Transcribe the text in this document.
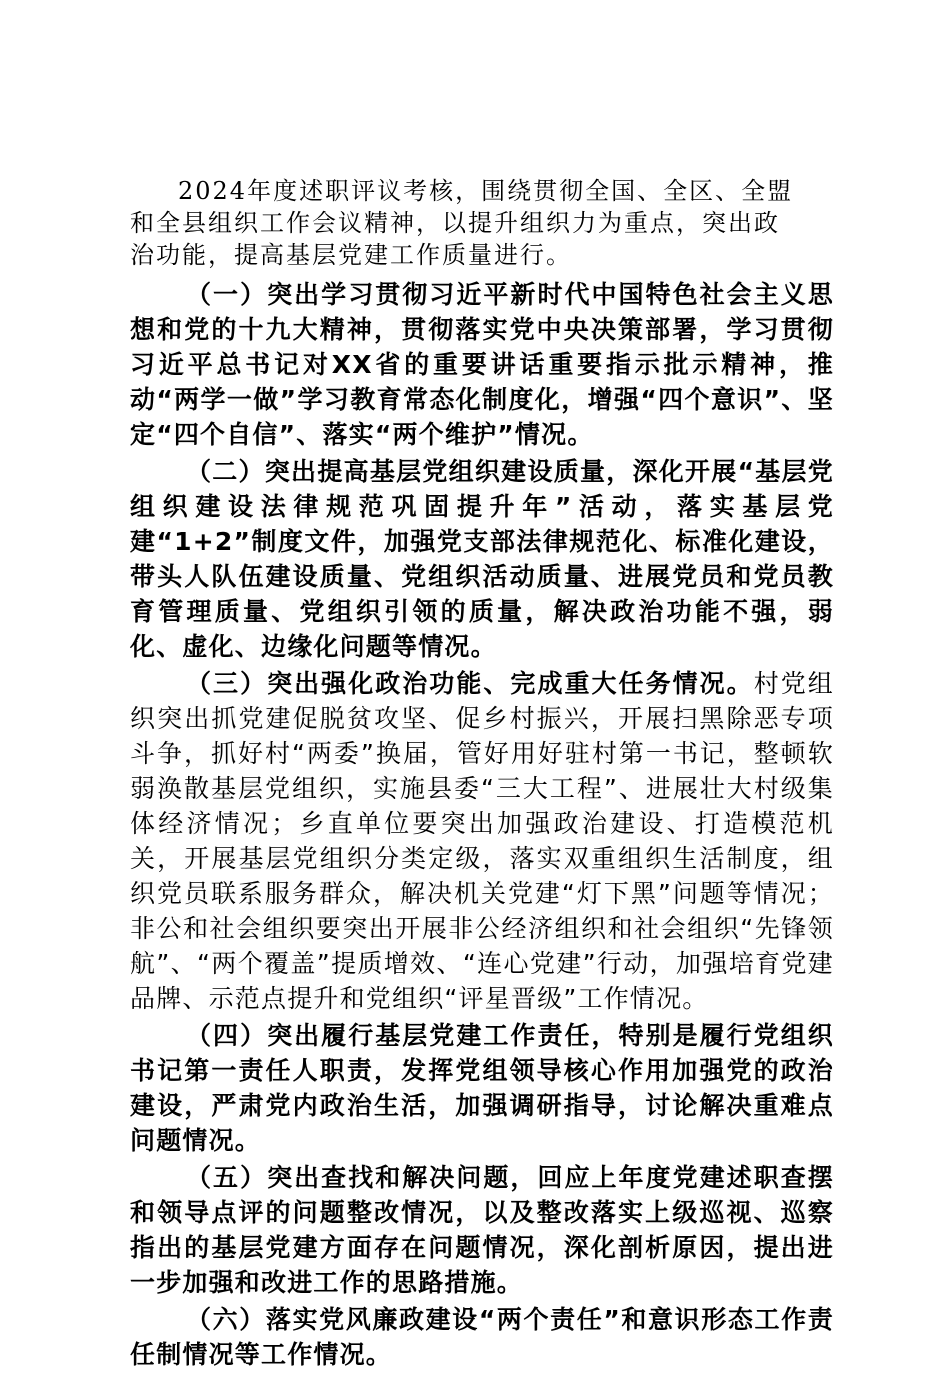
2024年度述职评议考核，围绕贯彻全国、全区、全盟和全县组织工作会议精神，以提升组织力为重点，突出政治功能，提高基层党建工作质量进行。

（一）突出学习贯彻习近平新时代中国特色社会主义思想和党的十九大精神，贯彻落实党中央决策部署，学习贯彻习近平总书记对XX省的重要讲话重要指示批示精神，推动“两学一做”学习教育常态化制度化，增强“四个意识”、坚定“四个自信”、落实“两个维护”情况。

（二）突出提高基层党组织建设质量，深化开展“基层党组织建设法律规范巩固提升年”活动，落实基层党建“1+2”制度文件，加强党支部法律规范化、标准化建设，带头人队伍建设质量、党组织活动质量、进展党员和党员教育管理质量、党组织引领的质量，解决政治功能不强，弱化、虚化、边缘化问题等情况。

（三）突出强化政治功能、完成重大任务情况。村党组织突出抓党建促脱贫攻坚、促乡村振兴，开展扫黑除恶专项斗争，抓好村“两委”换届，管好用好驻村第一书记，整顿软弱涣散基层党组织，实施县委“三大工程”、进展壮大村级集体经济情况；乡直单位要突出加强政治建设、打造模范机关，开展基层党组织分类定级，落实双重组织生活制度，组织党员联系服务群众，解决机关党建“灯下黑”问题等情况；非公和社会组织要突出开展非公经济组织和社会组织“先锋领航”、“两个覆盖”提质增效、“连心党建”行动，加强培育党建品牌、示范点提升和党组织“评星晋级”工作情况。

（四）突出履行基层党建工作责任，特别是履行党组织书记第一责任人职责，发挥党组领导核心作用加强党的政治建设，严肃党内政治生活，加强调研指导，讨论解决重难点问题情况。

（五）突出查找和解决问题，回应上年度党建述职查摆和领导点评的问题整改情况，以及整改落实上级巡视、巡察指出的基层党建方面存在问题情况，深化剖析原因，提出进一步加强和改进工作的思路措施。

（六）落实党风廉政建设“两个责任”和意识形态工作责任制情况等工作情况。
